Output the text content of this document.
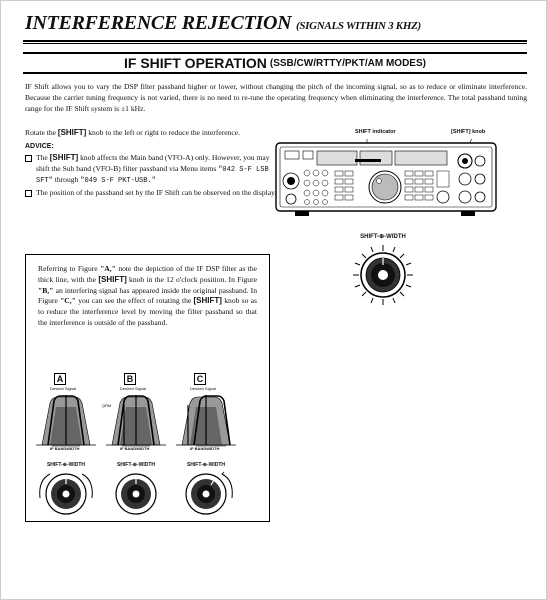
INTERFERENCE REJECTION (SIGNALS WITHIN 3 KHZ)
IF SHIFT OPERATION (SSB/CW/RTTY/PKT/AM MODES)
IF Shift allows you to vary the DSP filter passband higher or lower, without changing the pitch of the incoming signal, so as to reduce or eliminate interference. Because the carrier tuning frequency is not varied, there is no need to re-tune the operating frequency when eliminating the interference. The total passband tuning range for the IF Shift system is ±1 kHz.

Rotate the [SHIFT] knob to the left or right to reduce the interference.

ADVICE:
The [SHIFT] knob affects the Main band (VFO-A) only. However, you may shift the Sub band (VFO-B) filter passband via Menu items "042 S-F LSB SFT" through "049 S-F PKT-USB."
The position of the passband set by the IF Shift can be observed on the display.
SHIFT indicator	[SHIFT] knob
SHIFT-⊕-WIDTH

Referring to Figure "A," note the depiction of the IF DSP filter as the thick line, with the [SHIFT] knob in the 12 o'clock position. In Figure "B," an interfering signal has appeared inside the original passband. In Figure "C," you can see the effect of rotating the [SHIFT] knob so as to reduce the interference level by moving the filter passband so that the interference is outside of the passband.

A
Desired Signal
IF BANDWIDTH
B
Desired Signal
QRM
IF BANDWIDTH
C
Desired Signal
IF BANDWIDTH
SHIFT-⊕-WIDTH	SHIFT-⊕-WIDTH	SHIFT-⊕-WIDTH
